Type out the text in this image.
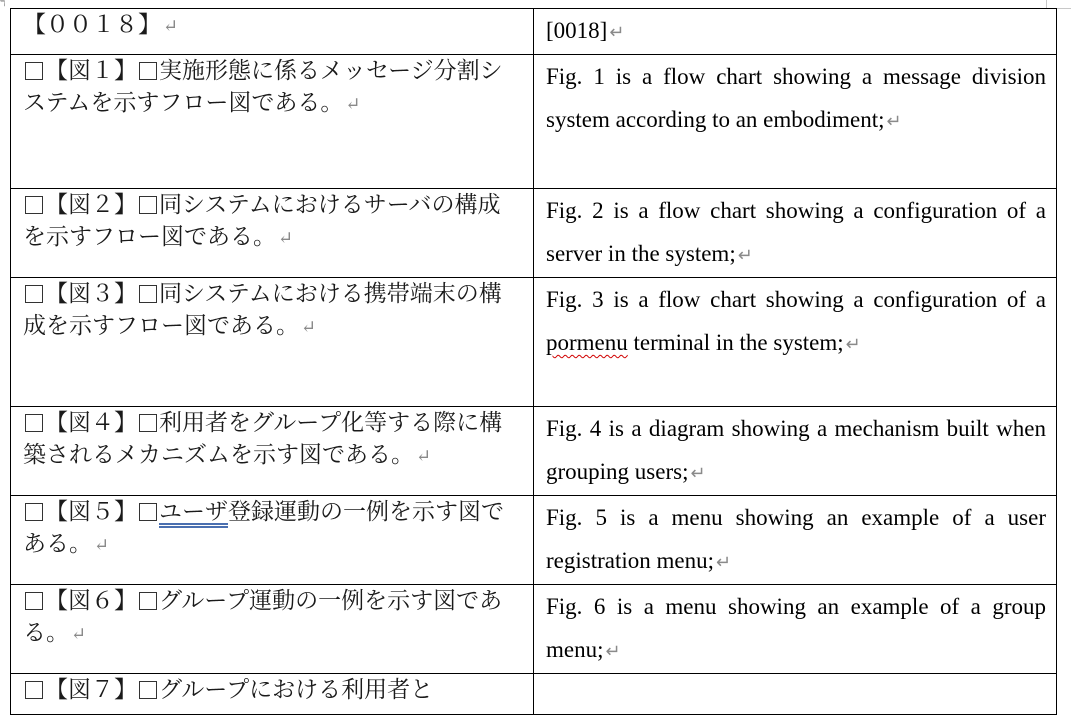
ℸ
【００１８】 ↵	[0018] ↵
【図１】 実施形態に係るメッセージ分割システムを示すフロー図である。 ↵	Fig. 1 is a flow chart showing a message division system according to an embodiment; ↵
【図２】 同システムにおけるサーバの構成を示すフロー図である。 ↵	Fig. 2 is a flow chart showing a configuration of a server in the system; ↵
【図３】 同システムにおける携帯端末の構成を示すフロー図である。 ↵	Fig. 3 is a flow chart showing a configuration of a pormenu terminal in the system; ↵
【図４】 利用者をグループ化等する際に構築されるメカニズムを示す図である。 ↵	Fig. 4 is a diagram showing a mechanism built when grouping users; ↵
【図５】 ユーザ登録運動の一例を示す図である。 ↵	Fig. 5 is a menu showing an example of a user registration menu; ↵
【図６】 グループ運動の一例を示す図である。 ↵	Fig. 6 is a menu showing an example of a group menu; ↵
【図７】 グループにおける利用者と	
